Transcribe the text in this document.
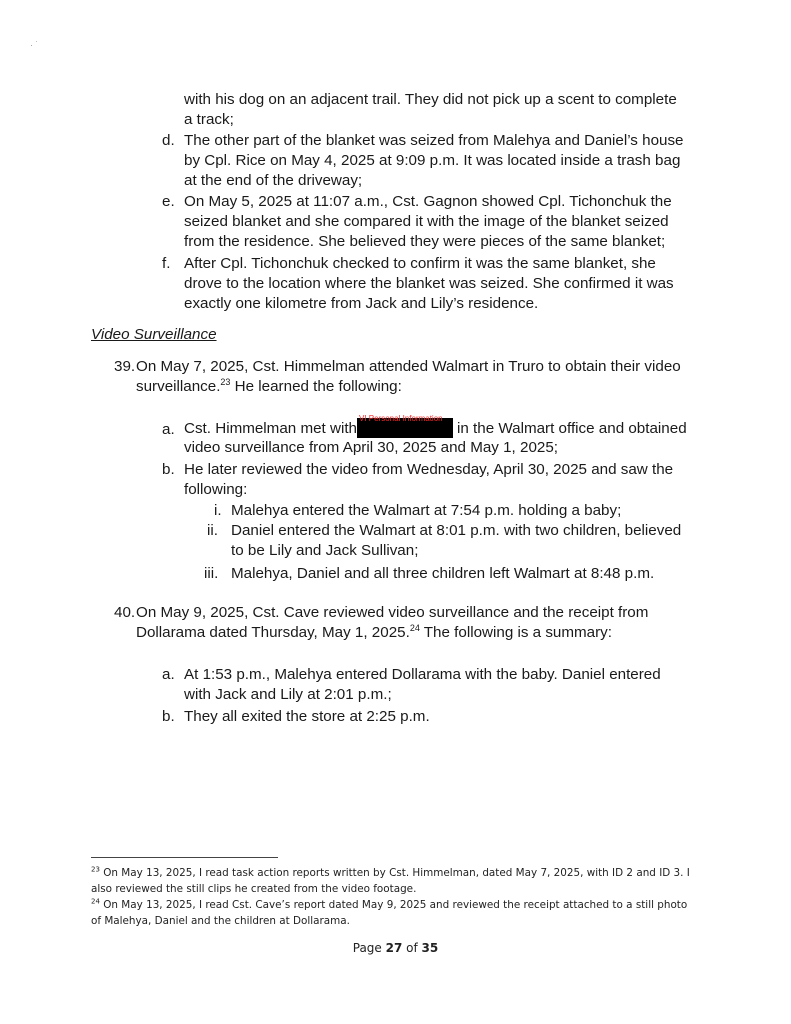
· ˙
with his dog on an adjacent trail. They did not pick up a scent to complete
a track;
d. The other part of the blanket was seized from Malehya and Daniel’s house
by Cpl. Rice on May 4, 2025 at 9:09 p.m. It was located inside a trash bag
at the end of the driveway;
e. On May 5, 2025 at 11:07 a.m., Cst. Gagnon showed Cpl. Tichonchuk the
seized blanket and she compared it with the image of the blanket seized
from the residence. She believed they were pieces of the same blanket;
f. After Cpl. Tichonchuk checked to confirm it was the same blanket, she
drove to the location where the blanket was seized. She confirmed it was
exactly one kilometre from Jack and Lily’s residence.
Video Surveillance
39. On May 7, 2025, Cst. Himmelman attended Walmart in Truro to obtain their video
surveillance.$^{23}$ He learned the following:
a. Cst. Himmelman met with
VI Personal Information
in the Walmart office and obtained
video surveillance from April 30, 2025 and May 1, 2025;
b. He later reviewed the video from Wednesday, April 30, 2025 and saw the
following:
i. Malehya entered the Walmart at 7:54 p.m. holding a baby;
ii. Daniel entered the Walmart at 8:01 p.m. with two children, believed
to be Lily and Jack Sullivan;
iii. Malehya, Daniel and all three children left Walmart at 8:48 p.m.
40. On May 9, 2025, Cst. Cave reviewed video surveillance and the receipt from
Dollarama dated Thursday, May 1, 2025.24 The following is a summary:
a. At 1:53 p.m., Malehya entered Dollarama with the baby. Daniel entered
with Jack and Lily at 2:01 p.m.;
b. They all exited the store at 2:25 p.m.
$^{23}$ On May 13, 2025, I read task action reports written by Cst. Himmelman, dated May 7, 2025, with ID 2 and ID 3. I
also reviewed the still clips he created from the video footage.
$^{24}$ On May 13, 2025, I read Cst. Cave’s report dated May 9, 2025 and reviewed the receipt attached to a still photo
of Malehya, Daniel and the children at Dollarama.
Page 27 of 35
